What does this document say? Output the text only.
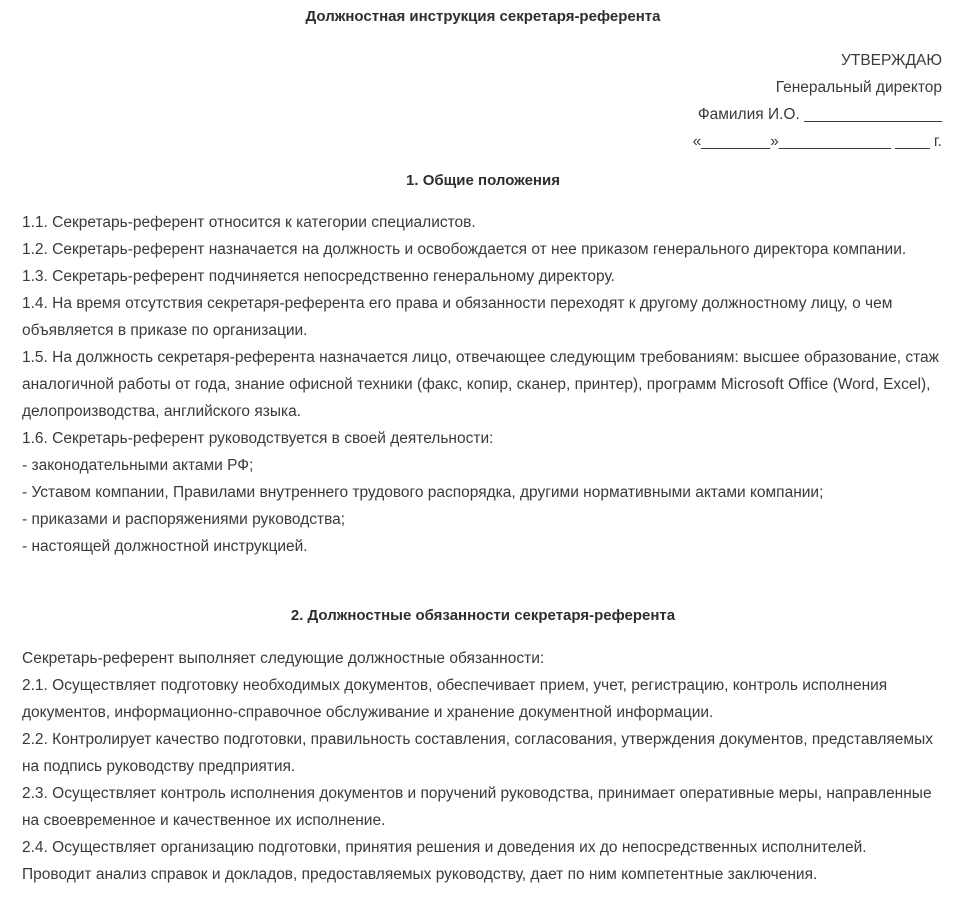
Должностная инструкция секретаря-референта
УТВЕРЖДАЮ
Генеральный директор
Фамилия И.О. ________________
«________»_____________ ____ г.
1. Общие положения

1.1. Секретарь-референт относится к категории специалистов.

1.2. Секретарь-референт назначается на должность и освобождается от нее приказом генерального директора компании.

1.3. Секретарь-референт подчиняется непосредственно генеральному директору.

1.4. На время отсутствия секретаря-референта его права и обязанности переходят к другому должностному лицу, о чем объявляется в приказе по организации.

1.5. На должность секретаря-референта назначается лицо, отвечающее следующим требованиям: высшее образование, стаж аналогичной работы от года, знание офисной техники (факс, копир, сканер, принтер), программ Microsoft Office (Word, Excel), делопроизводства, английского языка.

1.6. Секретарь-референт руководствуется в своей деятельности:

- законодательными актами РФ;

- Уставом компании, Правилами внутреннего трудового распорядка, другими нормативными актами компании;

- приказами и распоряжениями руководства;

- настоящей должностной инструкцией.

2. Должностные обязанности секретаря-референта

Секретарь-референт выполняет следующие должностные обязанности:

2.1. Осуществляет подготовку необходимых документов, обеспечивает прием, учет, регистрацию, контроль исполнения документов, информационно-справочное обслуживание и хранение документной информации.

2.2. Контролирует качество подготовки, правильность составления, согласования, утверждения документов, представляемых на подпись руководству предприятия.

2.3. Осуществляет контроль исполнения документов и поручений руководства, принимает оперативные меры, направленные на своевременное и качественное их исполнение.

2.4. Осуществляет организацию подготовки, принятия решения и доведения их до непосредственных исполнителей. Проводит анализ справок и докладов, предоставляемых руководству, дает по ним компетентные заключения.
